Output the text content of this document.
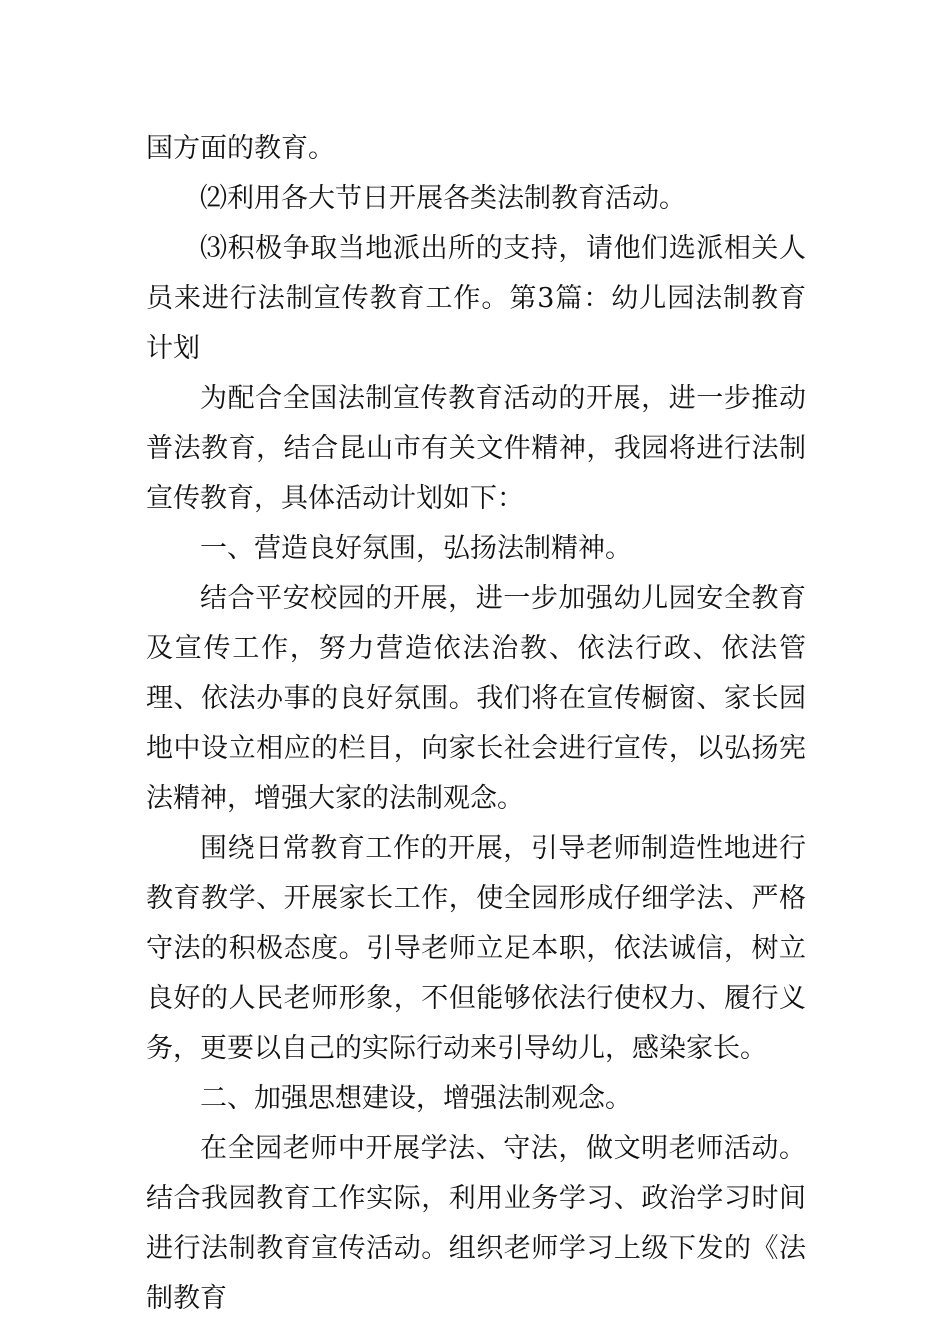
国方面的教育。

⑵利用各大节日开展各类法制教育活动。

⑶积极争取当地派出所的支持，请他们选派相关人员来进行法制宣传教育工作。第3篇：幼儿园法制教育计划

为配合全国法制宣传教育活动的开展，进一步推动普法教育，结合昆山市有关文件精神，我园将进行法制宣传教育，具体活动计划如下：

一、营造良好氛围，弘扬法制精神。

结合平安校园的开展，进一步加强幼儿园安全教育及宣传工作，努力营造依法治教、依法行政、依法管理、依法办事的良好氛围。我们将在宣传橱窗、家长园地中设立相应的栏目，向家长社会进行宣传，以弘扬宪法精神，增强大家的法制观念。

围绕日常教育工作的开展，引导老师制造性地进行教育教学、开展家长工作，使全园形成仔细学法、严格守法的积极态度。引导老师立足本职，依法诚信，树立良好的人民老师形象，不但能够依法行使权力、履行义务，更要以自己的实际行动来引导幼儿，感染家长。

二、加强思想建设，增强法制观念。

在全园老师中开展学法、守法，做文明老师活动。结合我园教育工作实际，利用业务学习、政治学习时间进行法制教育宣传活动。组织老师学习上级下发的《法制教育
